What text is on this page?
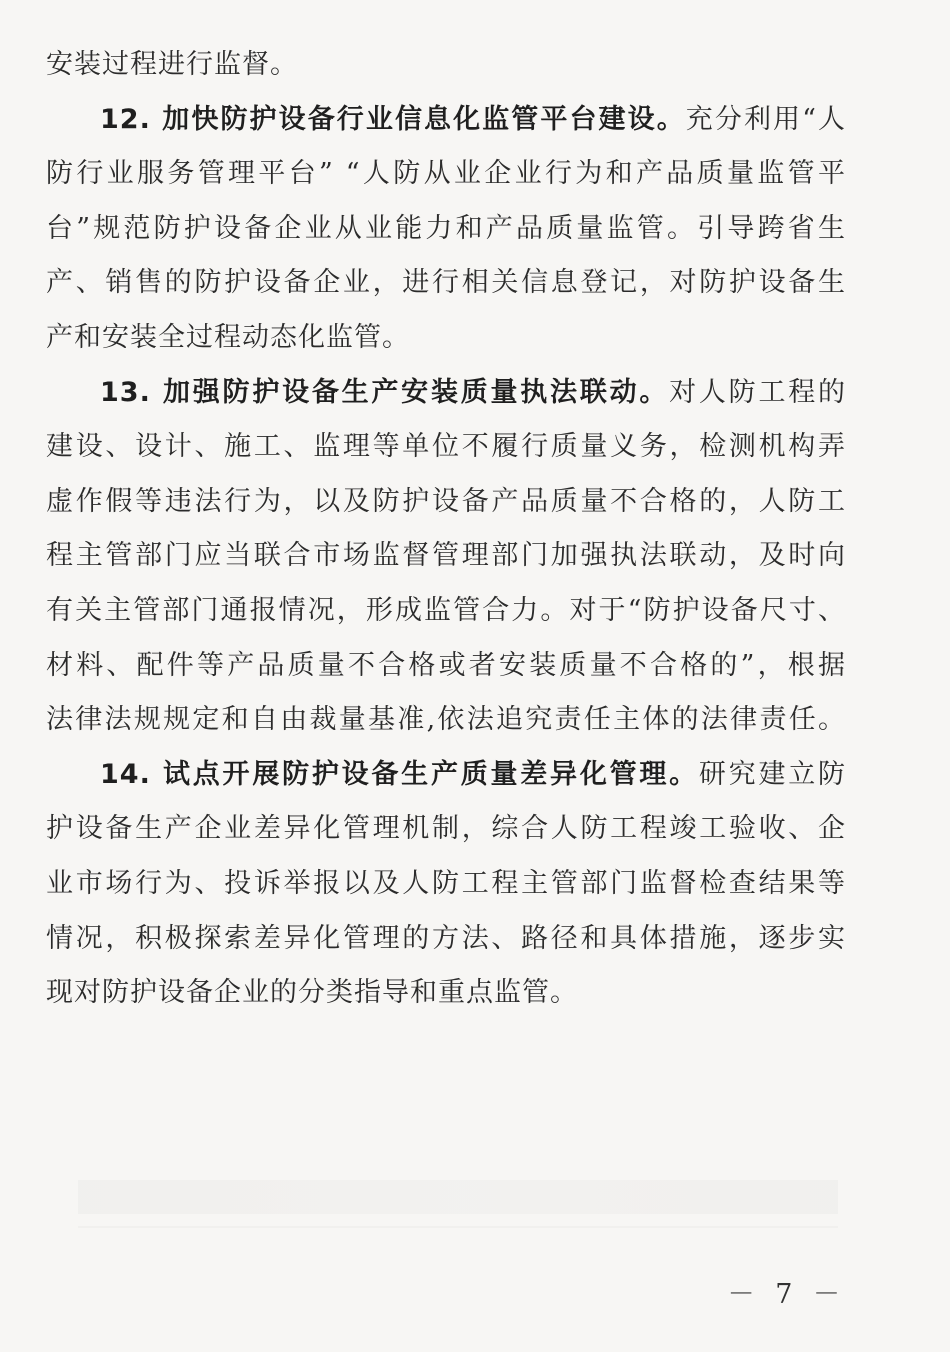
安装过程进行监督。
12. 加快防护设备行业信息化监管平台建设。充分利用“人
防行业服务管理平台” “人防从业企业行为和产品质量监管平
台”规范防护设备企业从业能力和产品质量监管。引导跨省生
产、销售的防护设备企业，进行相关信息登记，对防护设备生
产和安装全过程动态化监管。
13. 加强防护设备生产安装质量执法联动。对人防工程的
建设、设计、施工、监理等单位不履行质量义务，检测机构弄
虚作假等违法行为，以及防护设备产品质量不合格的，人防工
程主管部门应当联合市场监督管理部门加强执法联动，及时向
有关主管部门通报情况，形成监管合力。对于“防护设备尺寸、
材料、配件等产品质量不合格或者安装质量不合格的”，根据
法律法规规定和自由裁量基准,依法追究责任主体的法律责任。
14. 试点开展防护设备生产质量差异化管理。研究建立防
护设备生产企业差异化管理机制，综合人防工程竣工验收、企
业市场行为、投诉举报以及人防工程主管部门监督检查结果等
情况，积极探索差异化管理的方法、路径和具体措施，逐步实
现对防护设备企业的分类指导和重点监管。
－ 7 －
